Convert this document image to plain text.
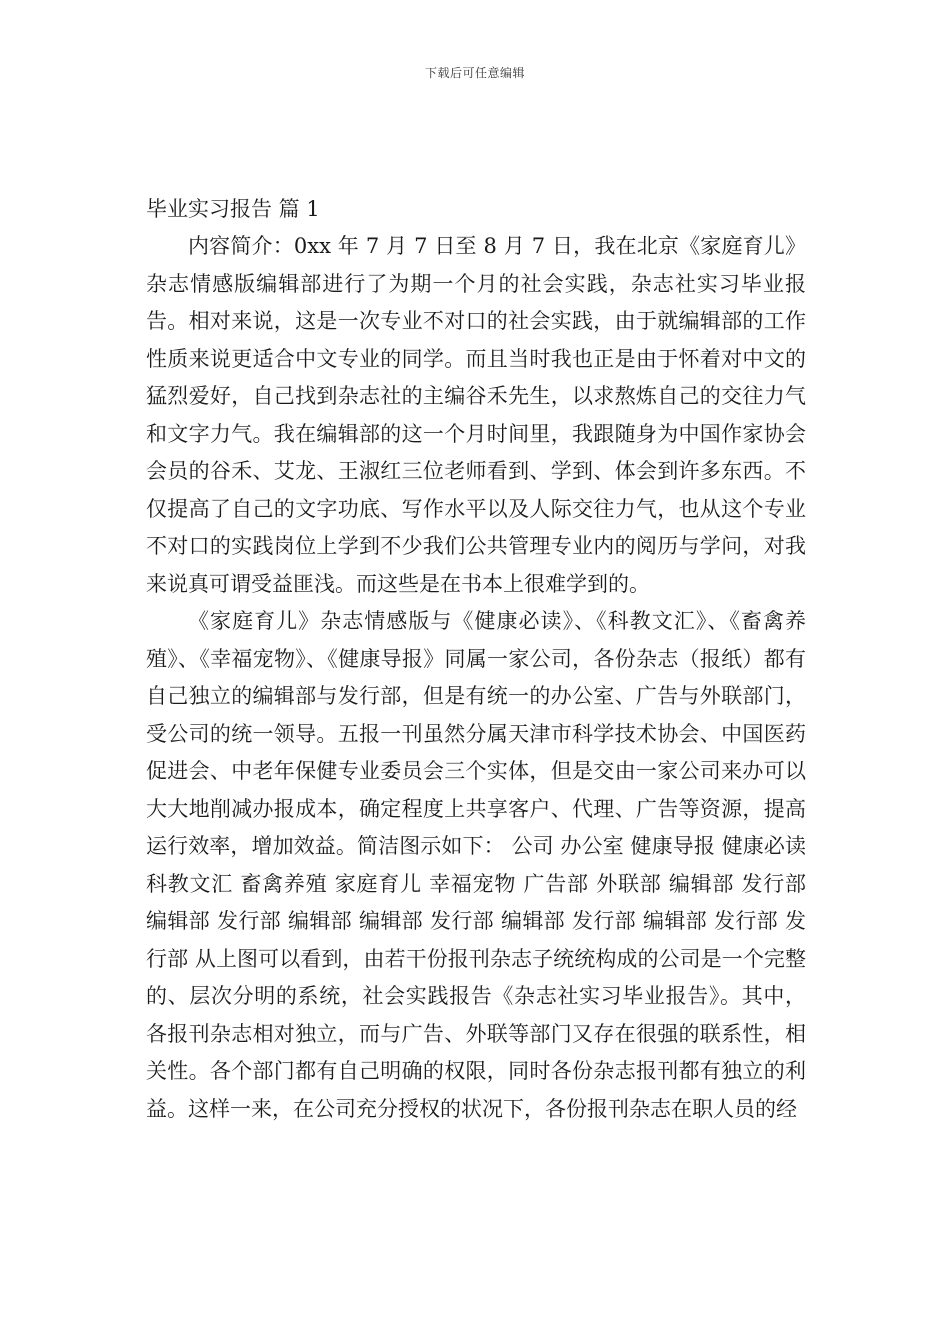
下载后可任意编辑
毕业实习报告 篇 1

内容简介：0xx 年 7 月 7 日至 8 月 7 日，我在北京《家庭育儿》杂志情感版编辑部进行了为期一个月的社会实践，杂志社实习毕业报告。相对来说，这是一次专业不对口的社会实践，由于就编辑部的工作性质来说更适合中文专业的同学。而且当时我也正是由于怀着对中文的猛烈爱好，自己找到杂志社的主编谷禾先生，以求熬炼自己的交往力气和文字力气。我在编辑部的这一个月时间里，我跟随身为中国作家协会会员的谷禾、艾龙、王淑红三位老师看到、学到、体会到许多东西。不仅提高了自己的文字功底、写作水平以及人际交往力气，也从这个专业不对口的实践岗位上学到不少我们公共管理专业内的阅历与学问，对我来说真可谓受益匪浅。而这些是在书本上很难学到的。

《家庭育儿》杂志情感版与《健康必读》、《科教文汇》、《畜禽养殖》、《幸福宠物》、《健康导报》同属一家公司，各份杂志（报纸）都有自己独立的编辑部与发行部，但是有统一的办公室、广告与外联部门，受公司的统一领导。五报一刊虽然分属天津市科学技术协会、中国医药促进会、中老年保健专业委员会三个实体，但是交由一家公司来办可以大大地削减办报成本，确定程度上共享客户、代理、广告等资源，提高运行效率，增加效益。简洁图示如下： 公司 办公室 健康导报 健康必读 科教文汇 畜禽养殖 家庭育儿 幸福宠物 广告部 外联部 编辑部 发行部 编辑部 发行部 编辑部 编辑部 发行部 编辑部 发行部 编辑部 发行部 发行部 从上图可以看到，由若干份报刊杂志子统统构成的公司是一个完整的、层次分明的系统，社会实践报告《杂志社实习毕业报告》。其中，各报刊杂志相对独立，而与广告、外联等部门又存在很强的联系性，相关性。各个部门都有自己明确的权限，同时各份杂志报刊都有独立的利益。这样一来，在公司充分授权的状况下，各份报刊杂志在职人员的经
